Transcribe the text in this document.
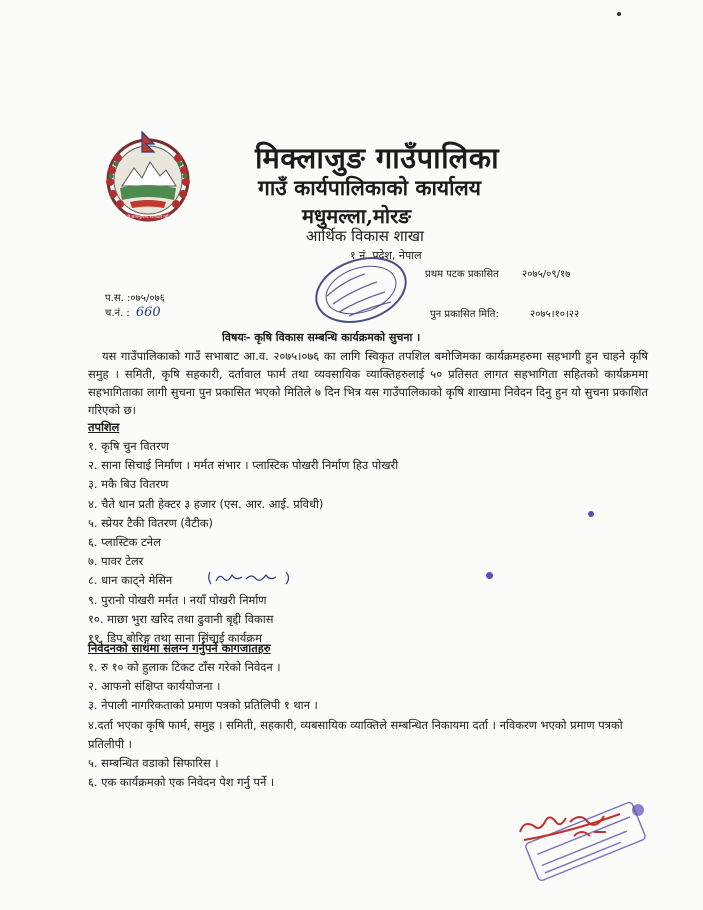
जननी जन्मभूमिश्च स्वर्गादपि गरीयसी
मिक्लाजुङ गाउँपालिका
गाउँ कार्यपालिकाको कार्यालय
मधुमल्ला,मोरङ
आर्थिक विकास शाखा
१ नं. प्रदेश, नेपाल
प.स. :०७५/०७६
च.नं. : 660
प्रथम पटक प्रकासित २०७५/०९/१७
पुन प्रकासित मिति:	२०७५।१०।२२
विषयः- कृषि विकास सम्बन्धि कार्यक्रमको सुचना ।
यस गाउँपालिकाको गाउँ सभाबाट आ.व. २०७५।०७६ का लागि स्विकृत तपशिल बमोजिमका कार्यक्रमहरुमा सहभागी हुन चाहने कृषि समुह । समिती, कृषि सहकारी, दर्तावाल फार्म तथा व्यवसायिक व्याक्तिहरुलाई ५० प्रतिसत लागत सहभागिता सहितको कार्यक्रममा सहभागिताका लागी सुचना पुन प्रकासित भएको मितिले ७ दिन भित्र यस गाउँपालिकाको कृषि शाखामा निवेदन दिनु हुन यो सुचना प्रकाशित गरिएको छ।
तपशिल
१. कृषि चुन वितरण
२. साना सिचाई निर्माण । मर्मत संभार । प्लास्टिक पोखरी निर्माण हिउ पोखरी
३. मकै बिउ वितरण
४. चैते धान प्रती हेक्टर ३ हजार (एस. आर. आई. प्रविधी)
५. स्प्रेयर टैकी वितरण (वैटीक)
६. प्लास्टिक टनेल
७. पावर टेलर
८. धान काट्ने मेसिन
९. पुरानो पोखरी मर्मत । नयाँ पोखरी निर्माण
१०. माछा भुरा खरिद तथा ढुवानी बृद्दी विकास
११. डिप बोरिङ्ग तथा साना सिंचाई कार्यक्रम
निवेदनको साथमा संलग्न गर्नुपर्ने कागजातहरु
१. रु १० को हुलाक टिकट टाँस गरेको निवेदन ।
२. आफनो संक्षिप्त कार्ययोजना ।
३. नेपाली नागरिकताको प्रमाण पत्रको प्रतिलिपी १ थान ।
४.दर्ता भएका कृषि फार्म, समुह । समिती, सहकारी, व्यबसायिक व्याक्तिले सम्बन्धित निकायमा दर्ता । नविकरण भएको प्रमाण पत्रको प्रतिलीपी ।
५. सम्बन्धित वडाको सिफारिस ।
६. एक कार्यक्रमको एक निवेदन पेश गर्नु पर्ने ।
